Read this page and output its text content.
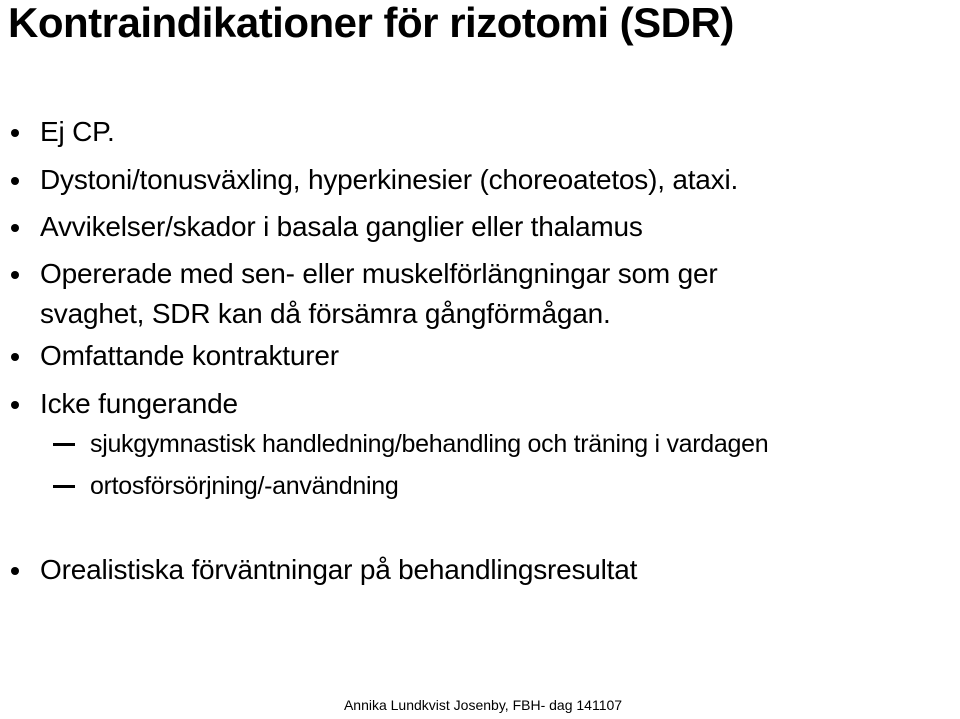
Kontraindikationer för rizotomi (SDR)
Ej CP.
Dystoni/tonusväxling, hyperkinesier (choreoatetos), ataxi.
Avvikelser/skador i basala ganglier eller thalamus
Opererade med sen- eller muskelförlängningar som ger
svaghet, SDR kan då försämra gångförmågan.
Omfattande kontrakturer
Icke fungerande
sjukgymnastisk handledning/behandling och träning i vardagen
ortosförsörjning/-användning
Orealistiska förväntningar på behandlingsresultat
Annika Lundkvist Josenby, FBH- dag 141107
